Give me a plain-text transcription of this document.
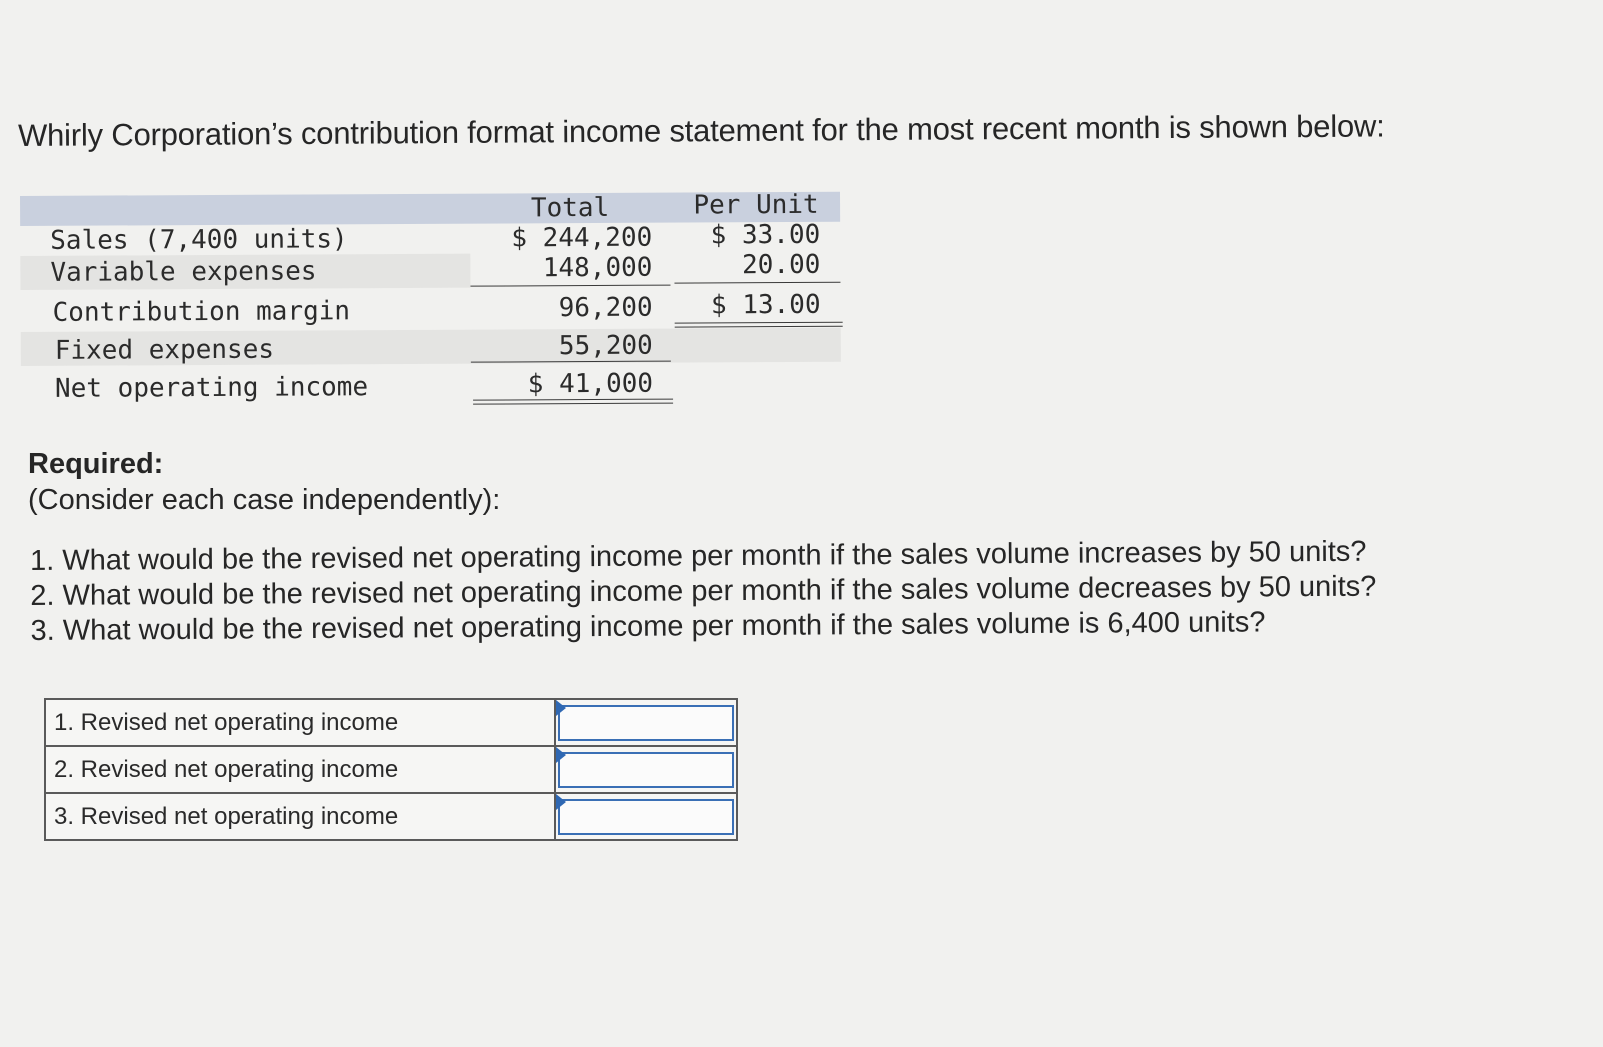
Whirly Corporation’s contribution format income statement for the most recent month is shown below:
Total	Per Unit
Sales (7,400 units)	$ 244,200	$ 33.00
Variable expenses	148,000	20.00
Contribution margin	96,200	$ 13.00
Fixed expenses	55,200
Net operating income	$ 41,000
Required:
(Consider each case independently):
1. What would be the revised net operating income per month if the sales volume increases by 50 units?
2. What would be the revised net operating income per month if the sales volume decreases by 50 units?
3. What would be the revised net operating income per month if the sales volume is 6,400 units?
1. Revised net operating income	

2. Revised net operating income	

3. Revised net operating income	
